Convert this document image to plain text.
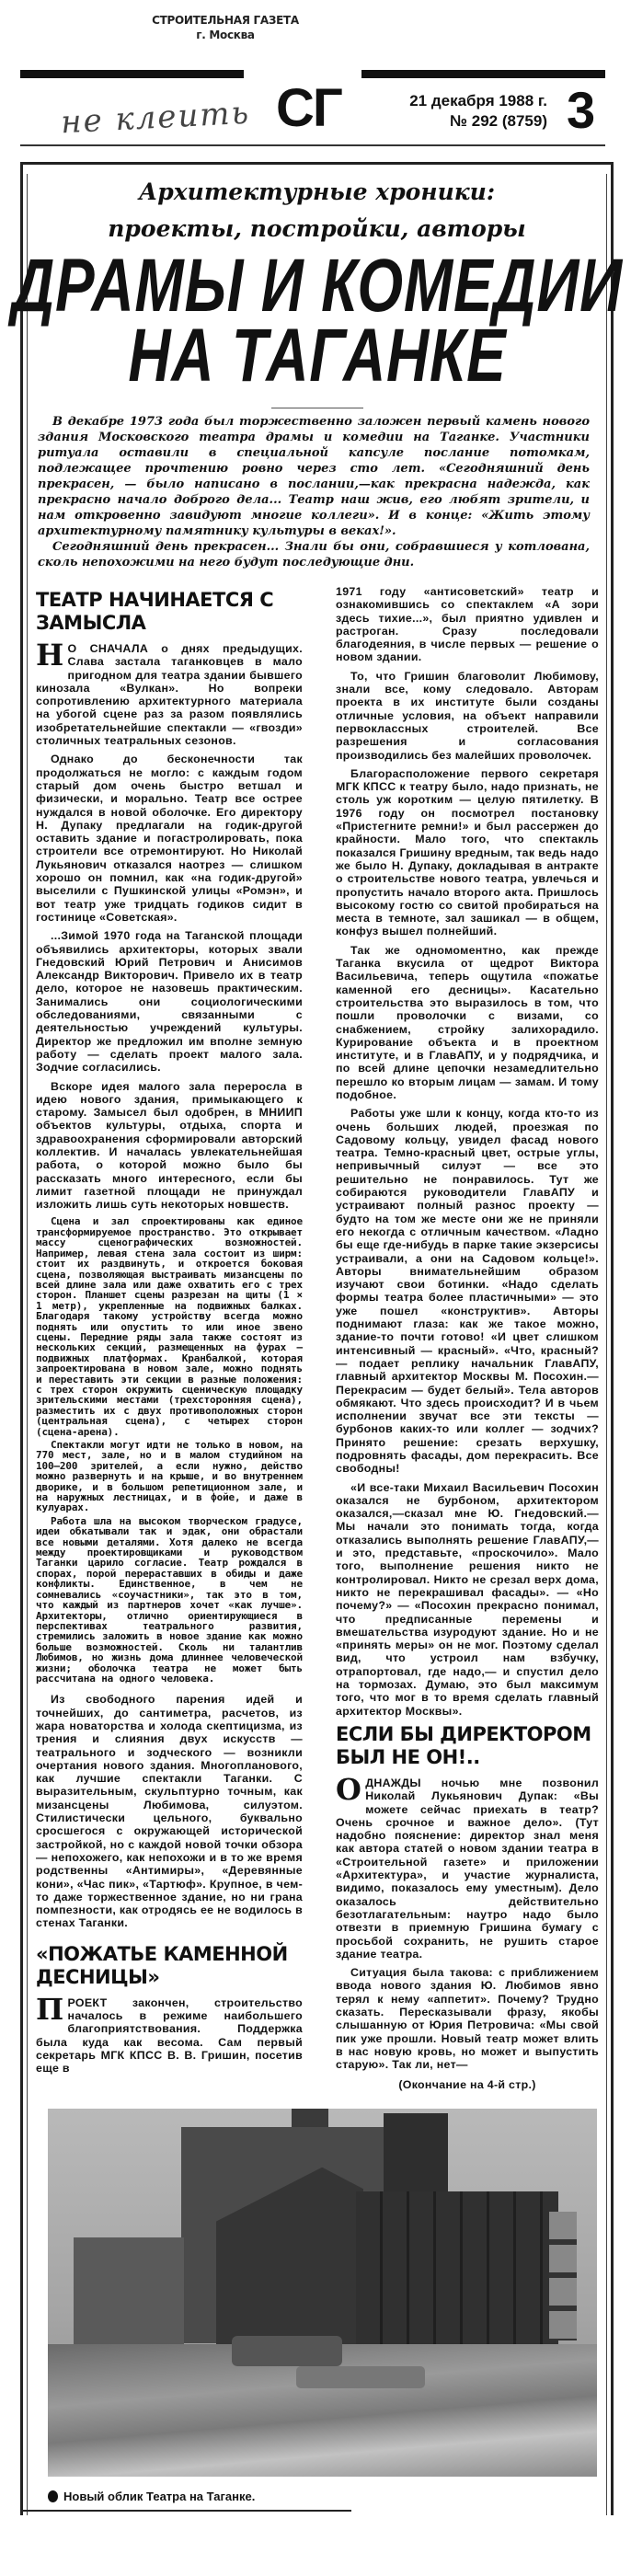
СТРОИТЕЛЬНАЯ ГАЗЕТА
г. Москва
не клеить СГ	21 декабря 1988 г.
№ 292 (8759) 3
Архитектурные хроники:
проекты, постройки, авторы
ДРАМЫ И КОМЕДИИ
НА ТАГАНКЕ

В декабре 1973 года был торжественно заложен первый камень нового здания Московского театра драмы и комедии на Таганке. Участники ритуала оставили в специальной капсуле послание потомкам, подлежащее прочтению ровно через сто лет. «Сегодняшний день прекрасен, — было написано в послании,—как прекрасна надежда, как прекрасно начало доброго дела... Театр наш жив, его любят зрители, и нам откровенно завидуют многие коллеги». И в конце: «Жить этому архитектурному памятнику культуры в веках!».

Сегодняшний день прекрасен... Знали бы они, собравшиеся у котлована, сколь непохожими на него будут последующие дни.

ТЕАТР НАЧИНАЕТСЯ С ЗАМЫСЛА

Н О СНАЧАЛА о днях предыдущих. Слава застала таганковцев в мало пригодном для театра здании бывшего кинозала «Вулкан». Но вопреки сопротивлению архитектурного материала на убогой сцене раз за разом появлялись изобретательнейшие спектакли — «гвозди» столичных театральных сезонов.

Однако до бесконечности так продолжаться не могло: с каждым годом старый дом очень быстро ветшал и физически, и морально. Театр все острее нуждался в новой оболочке. Его директору Н. Дупаку предлагали на годик-другой оставить здание и погастролировать, пока строители все отремонтируют. Но Николай Лукьянович отказался наотрез — слишком хорошо он помнил, как «на годик-другой» выселили с Пушкинской улицы «Ромэн», и вот театр уже тридцать годиков сидит в гостинице «Советская».

...Зимой 1970 года на Таганской площади объявились архитекторы, которых звали Гнедовский Юрий Петрович и Анисимов Александр Викторович. Привело их в театр дело, которое не назовешь практическим. Занимались они социологическими обследованиями, связанными с деятельностью учреждений культуры. Директор же предложил им вполне земную работу — сделать проект малого зала. Зодчие согласились.

Вскоре идея малого зала переросла в идею нового здания, примыкающего к старому. Замысел был одобрен, в МНИИП объектов культуры, отдыха, спорта и здравоохранения сформировали авторский коллектив. И началась увлекательнейшая работа, о которой можно было бы рассказать много интересного, если бы лимит газетной площади не принуждал изложить лишь суть некоторых новшеств.

Сцена и зал спроектированы как единое трансформируемое пространство. Это открывает массу сценографических возможностей. Например, левая стена зала состоит из ширм: стоит их раздвинуть, и откроется боковая сцена, позволяющая выстраивать мизансцены по всей длине зала или даже охватить его с трех сторон. Планшет сцены разрезан на щиты (1 × 1 метр), укрепленные на подвижных балках. Благодаря такому устройству всегда можно поднять или опустить то или иное звено сцены. Передние ряды зала также состоят из нескольких секций, размещенных на фурах — подвижных платформах. Кранбалкой, которая запроектирована в новом зале, можно поднять и переставить эти секции в разные положения: с трех сторон окружить сценическую площадку зрительскими местами (трехсторонняя сцена), разместить их с двух противоположных сторон (центральная сцена), с четырех сторон (сцена-арена).

Спектакли могут идти не только в новом, на 770 мест, зале, но и в малом студийном на 100—200 зрителей, а если нужно, действо можно развернуть и на крыше, и во внутреннем дворике, и в большом репетиционном зале, и на наружных лестницах, и в фойе, и даже в кулуарах.

Работа шла на высоком творческом градусе, идеи обкатывали так и эдак, они обрастали все новыми деталями. Хотя далеко не всегда между проектировщиками и руководством Таганки царило согласие. Театр рождался в спорах, порой перераставших в обиды и даже конфликты. Единственное, в чем не сомневались «соучастники», так это в том, что каждый из партнеров хочет «как лучше». Архитекторы, отлично ориентирующиеся в перспективах театрального развития, стремились заложить в новое здание как можно больше возможностей. Сколь ни талантлив Любимов, но жизнь дома длиннее человеческой жизни; оболочка театра не может быть рассчитана на одного человека.

Из свободного парения идей и точнейших, до сантиметра, расчетов, из жара новаторства и холода скептицизма, из трения и слияния двух искусств — театрального и зодческого — возникли очертания нового здания. Многопланового, как лучшие спектакли Таганки. С выразительным, скульптурно точным, как мизансцены Любимова, силуэтом. Стилистически цельного, буквально сросшегося с окружающей исторической застройкой, но с каждой новой точки обзора — непохожего, как непохожи и в то же время родственны «Антимиры», «Деревянные кони», «Час пик», «Тартюф». Крупное, в чем-то даже торжественное здание, но ни грана помпезности, как отродясь ее не водилось в стенах Таганки.

«ПОЖАТЬЕ КАМЕННОЙ ДЕСНИЦЫ»

ПРОЕКТ закончен, строительство началось в режиме наибольшего благоприятствования. Поддержка была куда как весома. Сам первый секретарь МГК КПСС В. В. Гришин, посетив еще в

1971 году «антисоветский» театр и ознакомившись со спектаклем «А зори здесь тихие...», был приятно удивлен и растроган. Сразу последовали благодеяния, в числе первых — решение о новом здании.

То, что Гришин благоволит Любимову, знали все, кому следовало. Авторам проекта в их институте были созданы отличные условия, на объект направили первоклассных строителей. Все разрешения и согласования производились без малейших проволочек.

Благорасположение первого секретаря МГК КПСС к театру было, надо признать, не столь уж коротким — целую пятилетку. В 1976 году он посмотрел постановку «Пристегните ремни!» и был рассержен до крайности. Мало того, что спектакль показался Гришину вредным, так ведь надо же было Н. Дупаку, докладывая в антракте о строительстве нового театра, увлечься и пропустить начало второго акта. Пришлось высокому гостю со свитой пробираться на места в темноте, зал зашикал — в общем, конфуз вышел полнейший.

Так же одномоментно, как прежде Таганка вкусила от щедрот Виктора Васильевича, теперь ощутила «пожатье каменной его десницы». Касательно строительства это выразилось в том, что пошли проволочки с визами, со снабжением, стройку залихорадило. Курирование объекта и в проектном институте, и в ГлавАПУ, и у подрядчика, и по всей длине цепочки незамедлительно перешло ко вторым лицам — замам. И тому подобное.

Работы уже шли к концу, когда кто-то из очень больших людей, проезжая по Садовому кольцу, увидел фасад нового театра. Темно-красный цвет, острые углы, непривычный силуэт — все это решительно не понравилось. Тут же собираются руководители ГлавАПУ и устраивают полный разнос проекту — будто на том же месте они же не приняли его некогда с отличным качеством. «Ладно бы еще где-нибудь в парке такие экзерсисы устраивали, а они на Садовом кольце!». Авторы внимательнейшим образом изучают свои ботинки. «Надо сделать формы театра более пластичными» — это уже пошел «конструктив». Авторы поднимают глаза: как же такое можно, здание-то почти готово! «И цвет слишком интенсивный — красный». «Что, красный? — подает реплику начальник ГлавАПУ, главный архитектор Москвы М. Посохин.— Перекрасим — будет белый». Тела авторов обмякают. Что здесь происходит? И в чьем исполнении звучат все эти тексты — бурбонов каких-то или коллег — зодчих? Принято решение: срезать верхушку, подровнять фасады, дом перекрасить. Все свободны!

«И все-таки Михаил Васильевич Посохин оказался не бурбоном, архитектором оказался,—сказал мне Ю. Гнедовский.— Мы начали это понимать тогда, когда отказались выполнять решение ГлавАПУ,—и это, представьте, «проскочило». Мало того, выполнение решения никто не контролировал. Никто не срезал верх дома, никто не перекрашивал фасады». — «Но почему?» — «Посохин прекрасно понимал, что предписанные перемены и вмешательства изуродуют здание. Но и не «принять меры» он не мог. Поэтому сделал вид, что устроил нам взбучку, отрапортовал, где надо,— и спустил дело на тормозах. Думаю, это был максимум того, что мог в то время сделать главный архитектор Москвы».

ЕСЛИ БЫ ДИРЕКТОРОМ БЫЛ НЕ ОН!..

ОДНАЖДЫ ночью мне позвонил Николай Лукьянович Дупак: «Вы можете сейчас приехать в театр? Очень срочное и важное дело». (Тут надобно пояснение: директор знал меня как автора статей о новом здании театра в «Строительной газете» и приложении «Архитектура», и участие журналиста, видимо, показалось ему уместным). Дело оказалось действительно безотлагательным: наутро надо было отвезти в приемную Гришина бумагу с просьбой сохранить, не рушить старое здание театра.

Ситуация была такова: с приближением ввода нового здания Ю. Любимов явно терял к нему «аппетит». Почему? Трудно сказать. Пересказывали фразу, якобы слышанную от Юрия Петровича: «Мы свой пик уже прошли. Новый театр может влить в нас новую кровь, но может и выпустить старую». Так ли, нет—

(Окончание на 4-й стр.)
Новый облик Театра на Таганке.
